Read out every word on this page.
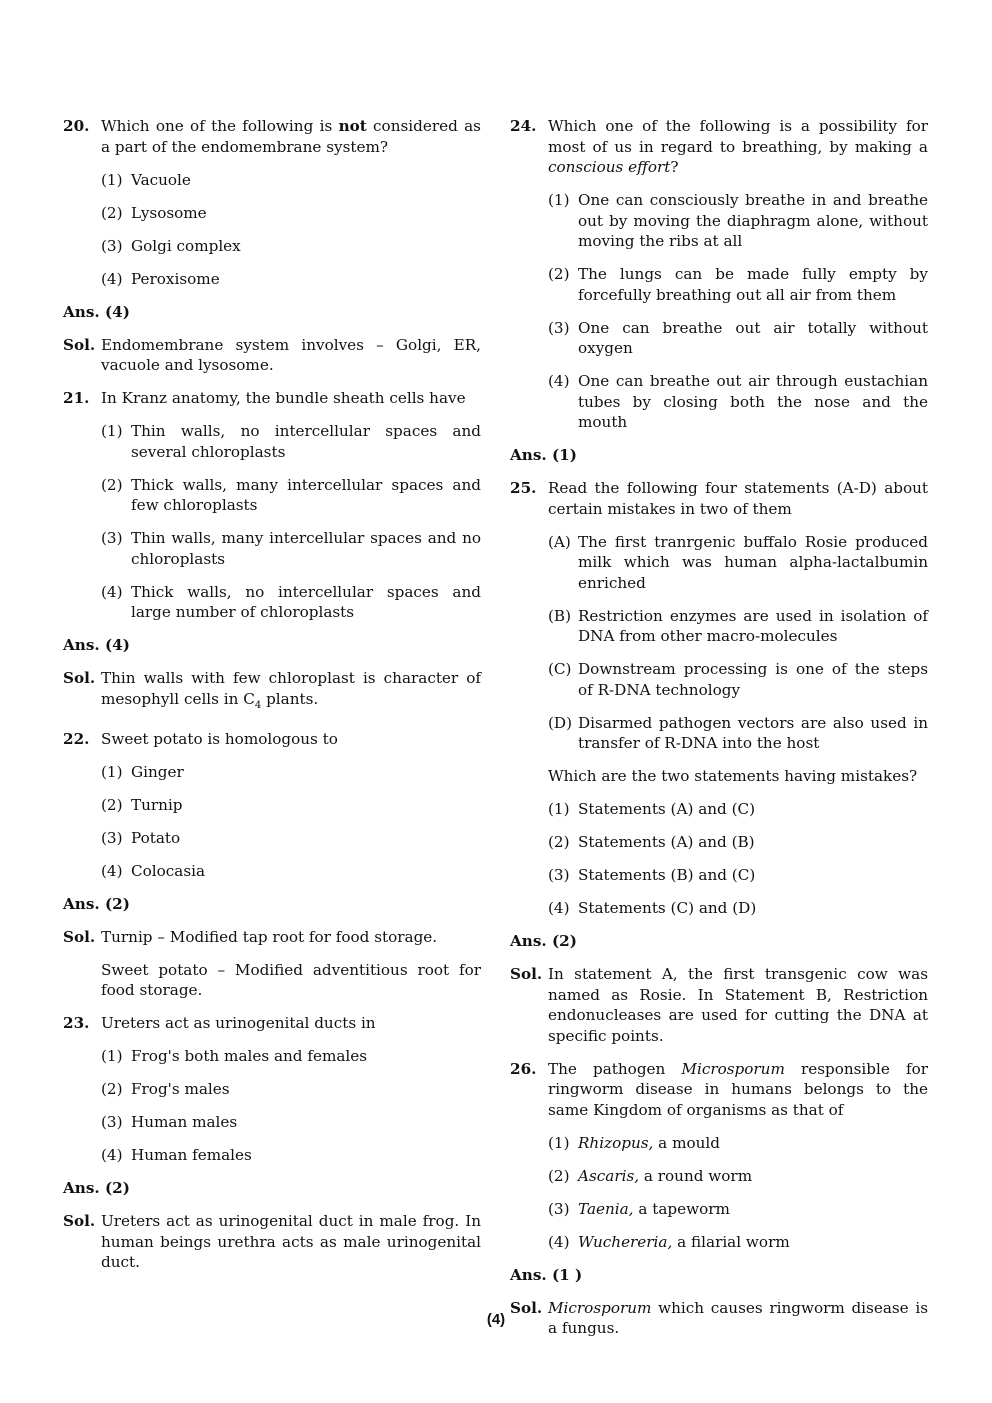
20. Which one of the following is not considered as a part of the endomembrane system?
(1) Vacuole
(2) Lysosome
(3) Golgi complex
(4) Peroxisome
Ans. (4)
Sol. Endomembrane system involves – Golgi, ER, vacuole and lysosome.
21. In Kranz anatomy, the bundle sheath cells have
(1) Thin walls, no intercellular spaces and several chloroplasts
(2) Thick walls, many intercellular spaces and few chloroplasts
(3) Thin walls, many intercellular spaces and no chloroplasts
(4) Thick walls, no intercellular spaces and large number of chloroplasts
Ans. (4)
Sol. Thin walls with few chloroplast is character of mesophyll cells in $C_4$ plants.
22. Sweet potato is homologous to
(1) Ginger
(2) Turnip
(3) Potato
(4) Colocasia
Ans. (2)
Sol. Turnip – Modified tap root for food storage.
Sweet potato – Modified adventitious root for food storage.
23. Ureters act as urinogenital ducts in
(1) Frog's both males and females
(2) Frog's males
(3) Human males
(4) Human females
Ans. (2)
Sol. Ureters act as urinogenital duct in male frog. In human beings urethra acts as male urinogenital duct.
24. Which one of the following is a possibility for most of us in regard to breathing, by making a conscious effort?
(1) One can consciously breathe in and breathe out by moving the diaphragm alone, without moving the ribs at all
(2) The lungs can be made fully empty by forcefully breathing out all air from them
(3) One can breathe out air totally without oxygen
(4) One can breathe out air through eustachian tubes by closing both the nose and the mouth
Ans. (1)
25. Read the following four statements (A-D) about certain mistakes in two of them
(A) The first tranrgenic buffalo Rosie produced milk which was human alpha-lactalbumin enriched
(B) Restriction enzymes are used in isolation of DNA from other macro-molecules
(C) Downstream processing is one of the steps of R-DNA technology
(D) Disarmed pathogen vectors are also used in transfer of R-DNA into the host
Which are the two statements having mistakes?
(1) Statements (A) and (C)
(2) Statements (A) and (B)
(3) Statements (B) and (C)
(4) Statements (C) and (D)
Ans. (2)
Sol. In statement A, the first transgenic cow was named as Rosie. In Statement B, Restriction endonucleases are used for cutting the DNA at specific points.
26. The pathogen Microsporum responsible for ringworm disease in humans belongs to the same Kingdom of organisms as that of
(1) Rhizopus, a mould
(2) Ascaris, a round worm
(3) Taenia, a tapeworm
(4) Wuchereria, a filarial worm
Ans. (1 )
Sol. Microsporum which causes ringworm disease is a fungus.
(4)
